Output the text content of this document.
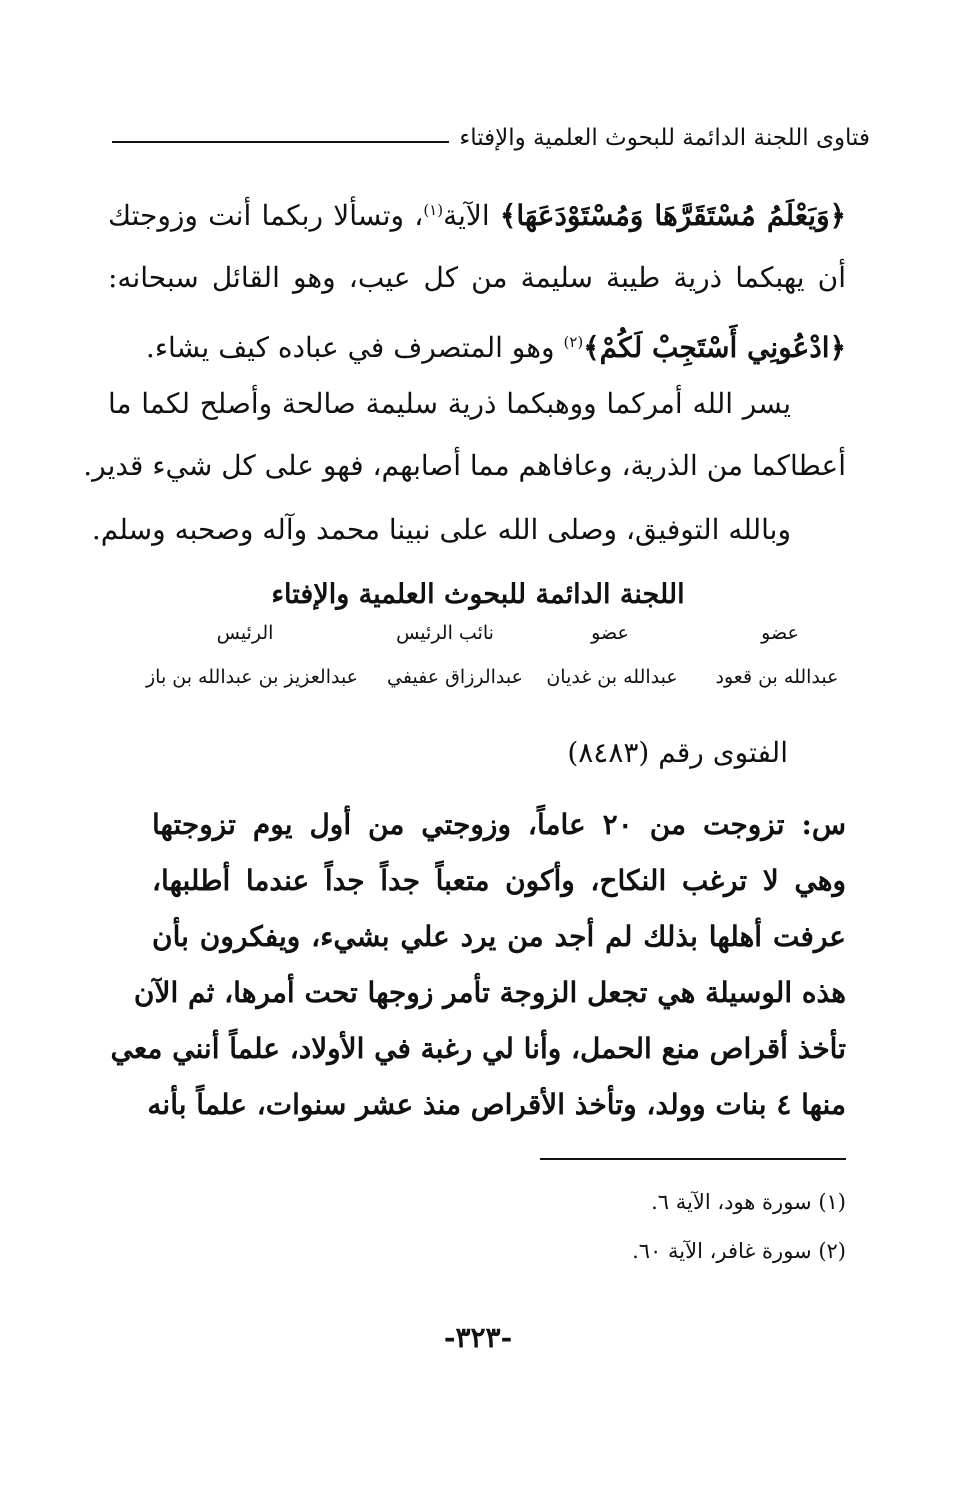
فتاوى اللجنة الدائمة للبحوث العلمية والإفتاء
﴿وَيَعْلَمُ مُسْتَقَرَّهَا وَمُسْتَوْدَعَهَا﴾ الآية$^{(١)}$، وتسألا ربكما أنت وزوجتك
أن يهبكما ذرية طيبة سليمة من كل عيب، وهو القائل سبحانه:
﴿ادْعُونِي أَسْتَجِبْ لَكُمْ﴾$^{(٢)}$ وهو المتصرف في عباده كيف يشاء.
يسر الله أمركما ووهبكما ذرية سليمة صالحة وأصلح لكما ما
أعطاكما من الذرية، وعافاهم مما أصابهم، فهو على كل شيء قدير.
وبالله التوفيق، وصلى الله على نبينا محمد وآله وصحبه وسلم.
اللجنة الدائمة للبحوث العلمية والإفتاء
عضو
عضو
نائب الرئيس
الرئيس
عبدالله بن قعود
عبدالله بن غديان
عبدالرزاق عفيفي
عبدالعزيز بن عبدالله بن باز
الفتوى رقم (٨٤٨٣)
س: تزوجت من ٢٠ عاماً، وزوجتي من أول يوم تزوجتها
وهي لا ترغب النكاح، وأكون متعباً جداً جداً عندما أطلبها،
عرفت أهلها بذلك لم أجد من يرد علي بشيء، ويفكرون بأن
هذه الوسيلة هي تجعل الزوجة تأمر زوجها تحت أمرها، ثم الآن
تأخذ أقراص منع الحمل، وأنا لي رغبة في الأولاد، علماً أنني معي
منها ٤ بنات وولد، وتأخذ الأقراص منذ عشر سنوات، علماً بأنه
(١) سورة هود، الآية ٦.
(٢) سورة غافر، الآية ٦٠.
-٣٢٣-
